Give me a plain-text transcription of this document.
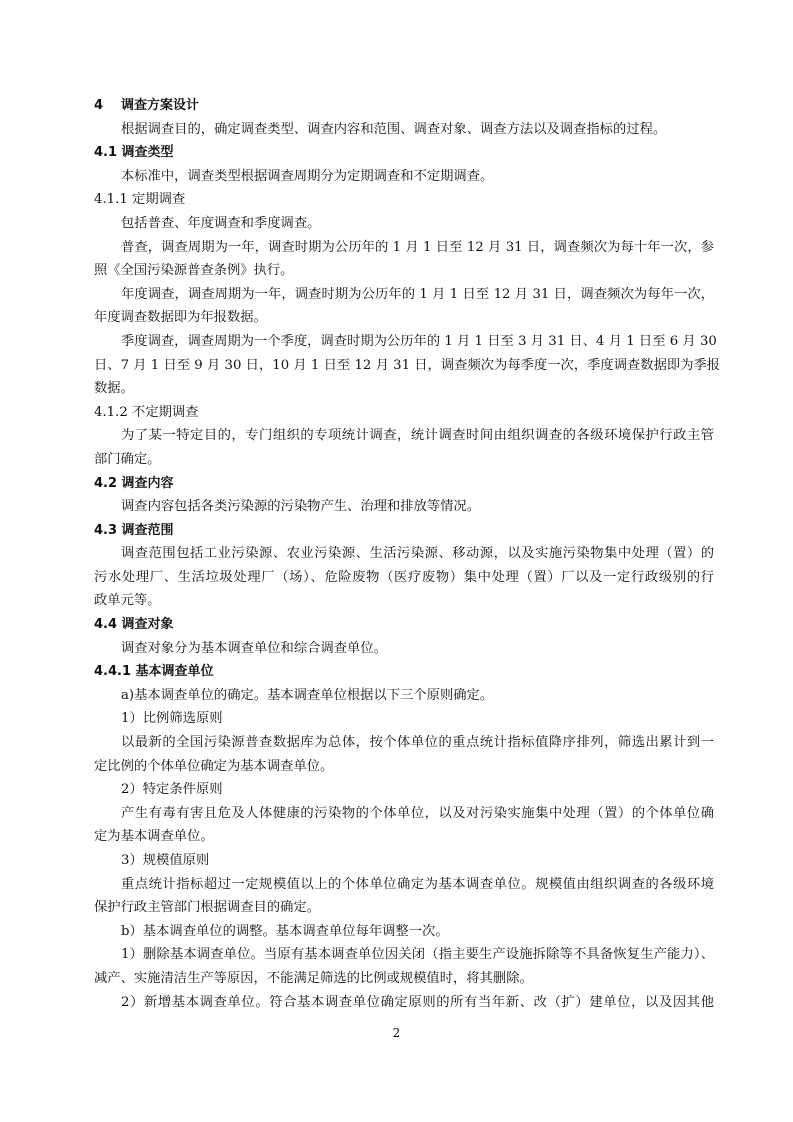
4 调查方案设计
根据调查目的，确定调查类型、调查内容和范围、调查对象、调查方法以及调查指标的过程。
4.1 调查类型
本标准中，调查类型根据调查周期分为定期调查和不定期调查。
4.1.1 定期调查
包括普查、年度调查和季度调查。
普查，调查周期为一年，调查时期为公历年的 1 月 1 日至 12 月 31 日，调查频次为每十年一次，参
照《全国污染源普查条例》执行。
年度调查，调查周期为一年，调查时期为公历年的 1 月 1 日至 12 月 31 日，调查频次为每年一次，
年度调查数据即为年报数据。
季度调查，调查周期为一个季度，调查时期为公历年的 1 月 1 日至 3 月 31 日、4 月 1 日至 6 月 30
日、7 月 1 日至 9 月 30 日，10 月 1 日至 12 月 31 日，调查频次为每季度一次，季度调查数据即为季报
数据。
4.1.2 不定期调查
为了某一特定目的，专门组织的专项统计调查，统计调查时间由组织调查的各级环境保护行政主管
部门确定。
4.2 调查内容
调查内容包括各类污染源的污染物产生、治理和排放等情况。
4.3 调查范围
调查范围包括工业污染源、农业污染源、生活污染源、移动源，以及实施污染物集中处理（置）的
污水处理厂、生活垃圾处理厂（场）、危险废物（医疗废物）集中处理（置）厂以及一定行政级别的行
政单元等。
4.4 调查对象
调查对象分为基本调查单位和综合调查单位。
4.4.1 基本调查单位
a)基本调查单位的确定。基本调查单位根据以下三个原则确定。
1）比例筛选原则
以最新的全国污染源普查数据库为总体，按个体单位的重点统计指标值降序排列，筛选出累计到一
定比例的个体单位确定为基本调查单位。
2）特定条件原则
产生有毒有害且危及人体健康的污染物的个体单位，以及对污染实施集中处理（置）的个体单位确
定为基本调查单位。
3）规模值原则
重点统计指标超过一定规模值以上的个体单位确定为基本调查单位。规模值由组织调查的各级环境
保护行政主管部门根据调查目的确定。
b）基本调查单位的调整。基本调查单位每年调整一次。
1）删除基本调查单位。当原有基本调查单位因关闭（指主要生产设施拆除等不具备恢复生产能力）、
减产、实施清洁生产等原因，不能满足筛选的比例或规模值时，将其删除。
2）新增基本调查单位。符合基本调查单位确定原则的所有当年新、改（扩）建单位，以及因其他
2
